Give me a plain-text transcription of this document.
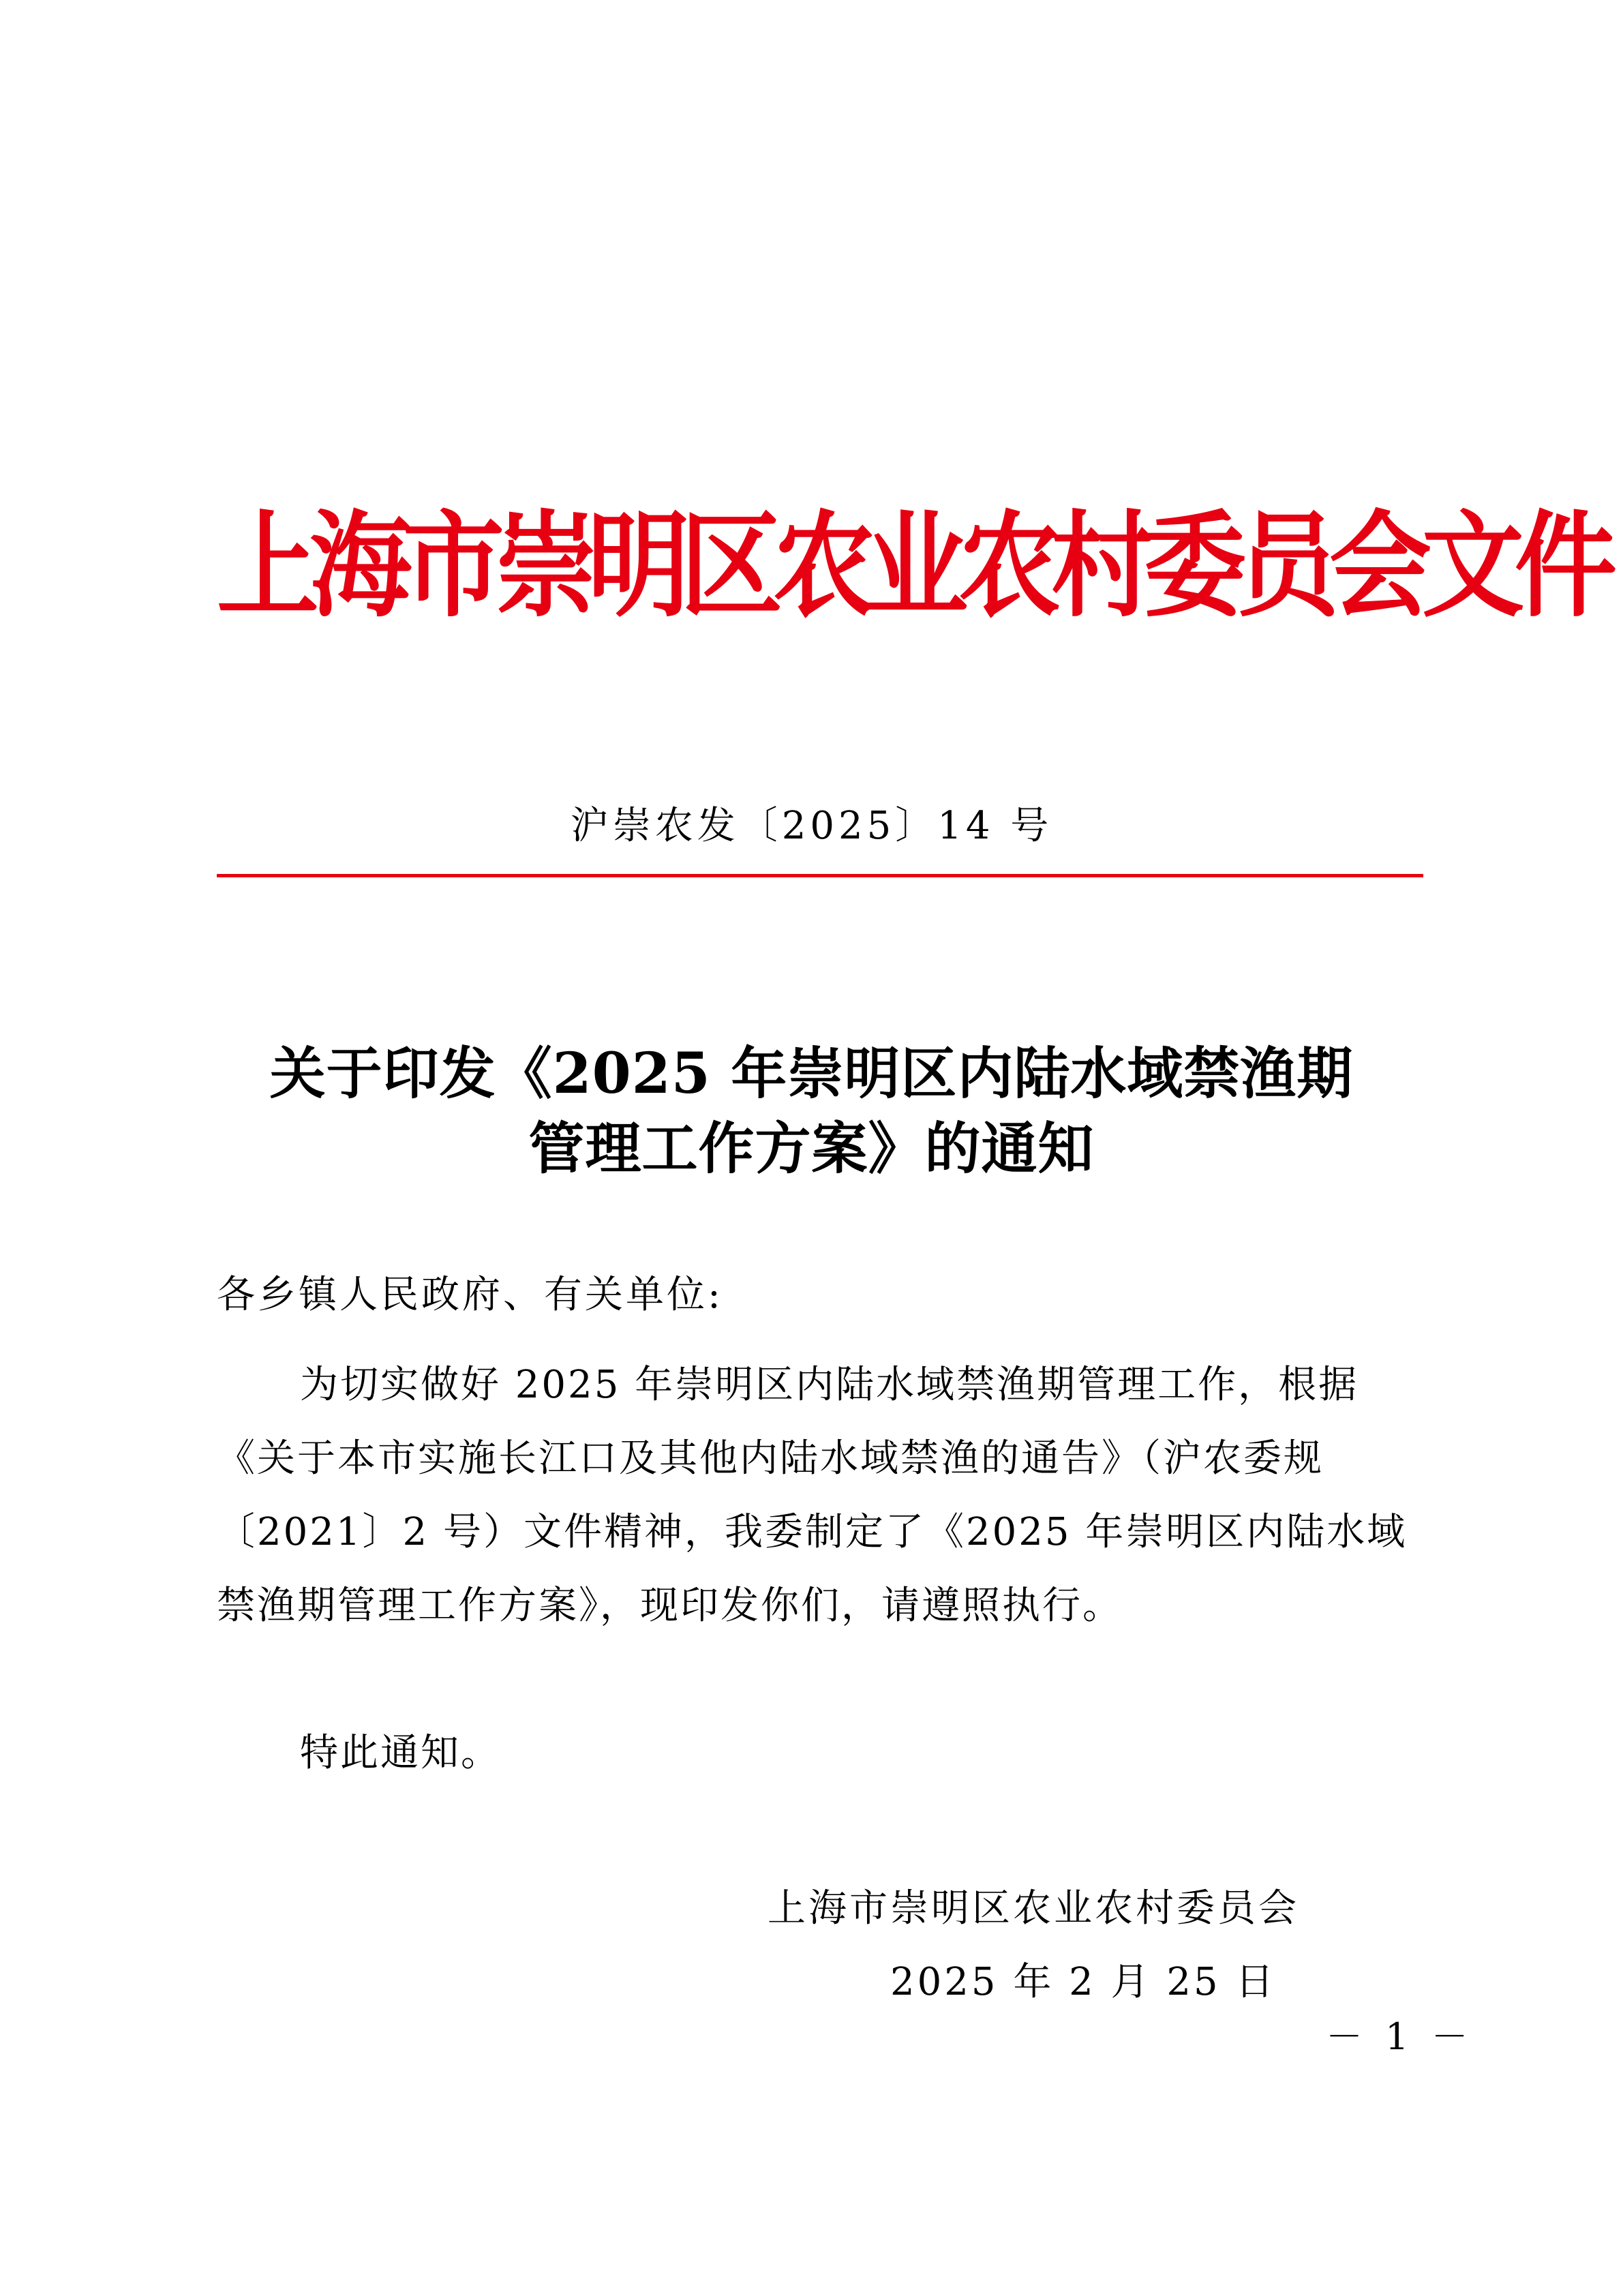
上海市崇明区农业农村委员会文件
沪崇农发〔2025〕14 号
关于印发《2025 年崇明区内陆水域禁渔期
管理工作方案》的通知
各乡镇人民政府、有关单位:
为切实做好 2025 年崇明区内陆水域禁渔期管理工作，根据
《关于本市实施长江口及其他内陆水域禁渔的通告》（沪农委规
〔2021〕2 号）文件精神，我委制定了《2025 年崇明区内陆水域
禁渔期管理工作方案》，现印发你们，请遵照执行。
特此通知。
上海市崇明区农业农村委员会
2025 年 2 月 25 日
－ 1 －
